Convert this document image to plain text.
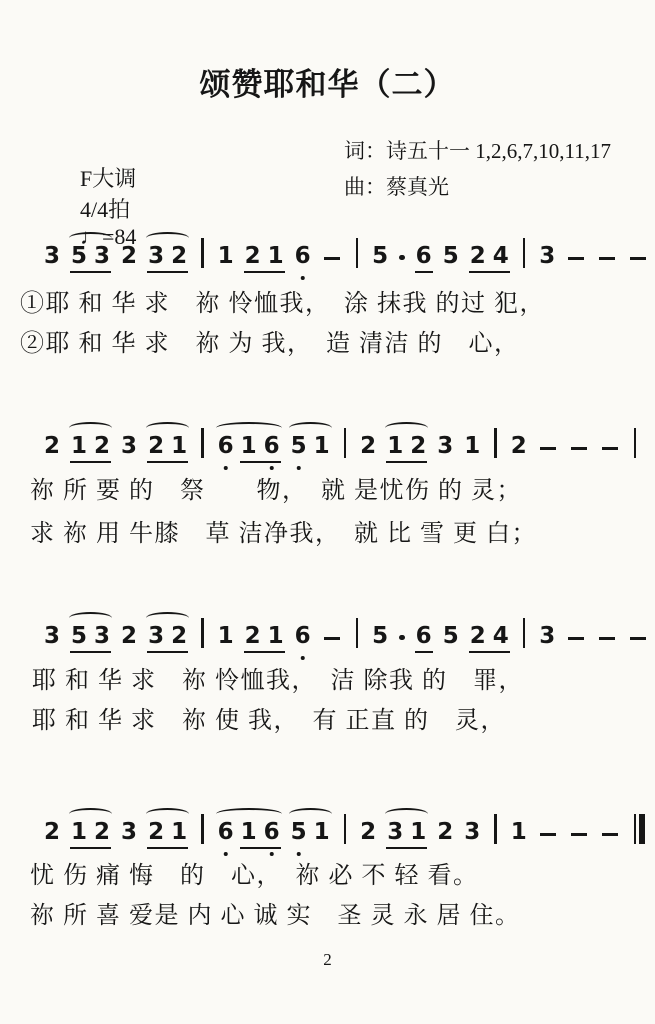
颂赞耶和华（二）

F大调
4/4拍
♩=84

词：诗五十一 1,2,6,7,10,11,17
曲：蔡真光
3 5 3 2 3 2 1 2 1 6	5 6 5 2 4 3
①耶 和 华 求　祢 怜恤我，　涂 抹我 的过 犯，
②耶 和 华 求　祢 为 我，　造 清洁 的　心，
2 1 2 3 2 1 6 1 6 5 1 2 1 2 3 1 2
祢 所 要 的　祭　　物，　就 是忧伤 的 灵；
求 祢 用 牛膝　草 洁净我，　就 比 雪 更 白；
3 5 3 2 3 2 1 2 1 6	5 6 5 2 4 3
耶 和 华 求　祢 怜恤我，　洁 除我 的　罪，
耶 和 华 求　祢 使 我，　有 正直 的　灵，
2 1 2 3 2 1 6 1 6 5 1 2 3 1 2 3 1
忧 伤 痛 悔　的　心，　祢 必 不 轻 看。
祢 所 喜 爱是 内 心 诚 实　圣 灵 永 居 住。
2
